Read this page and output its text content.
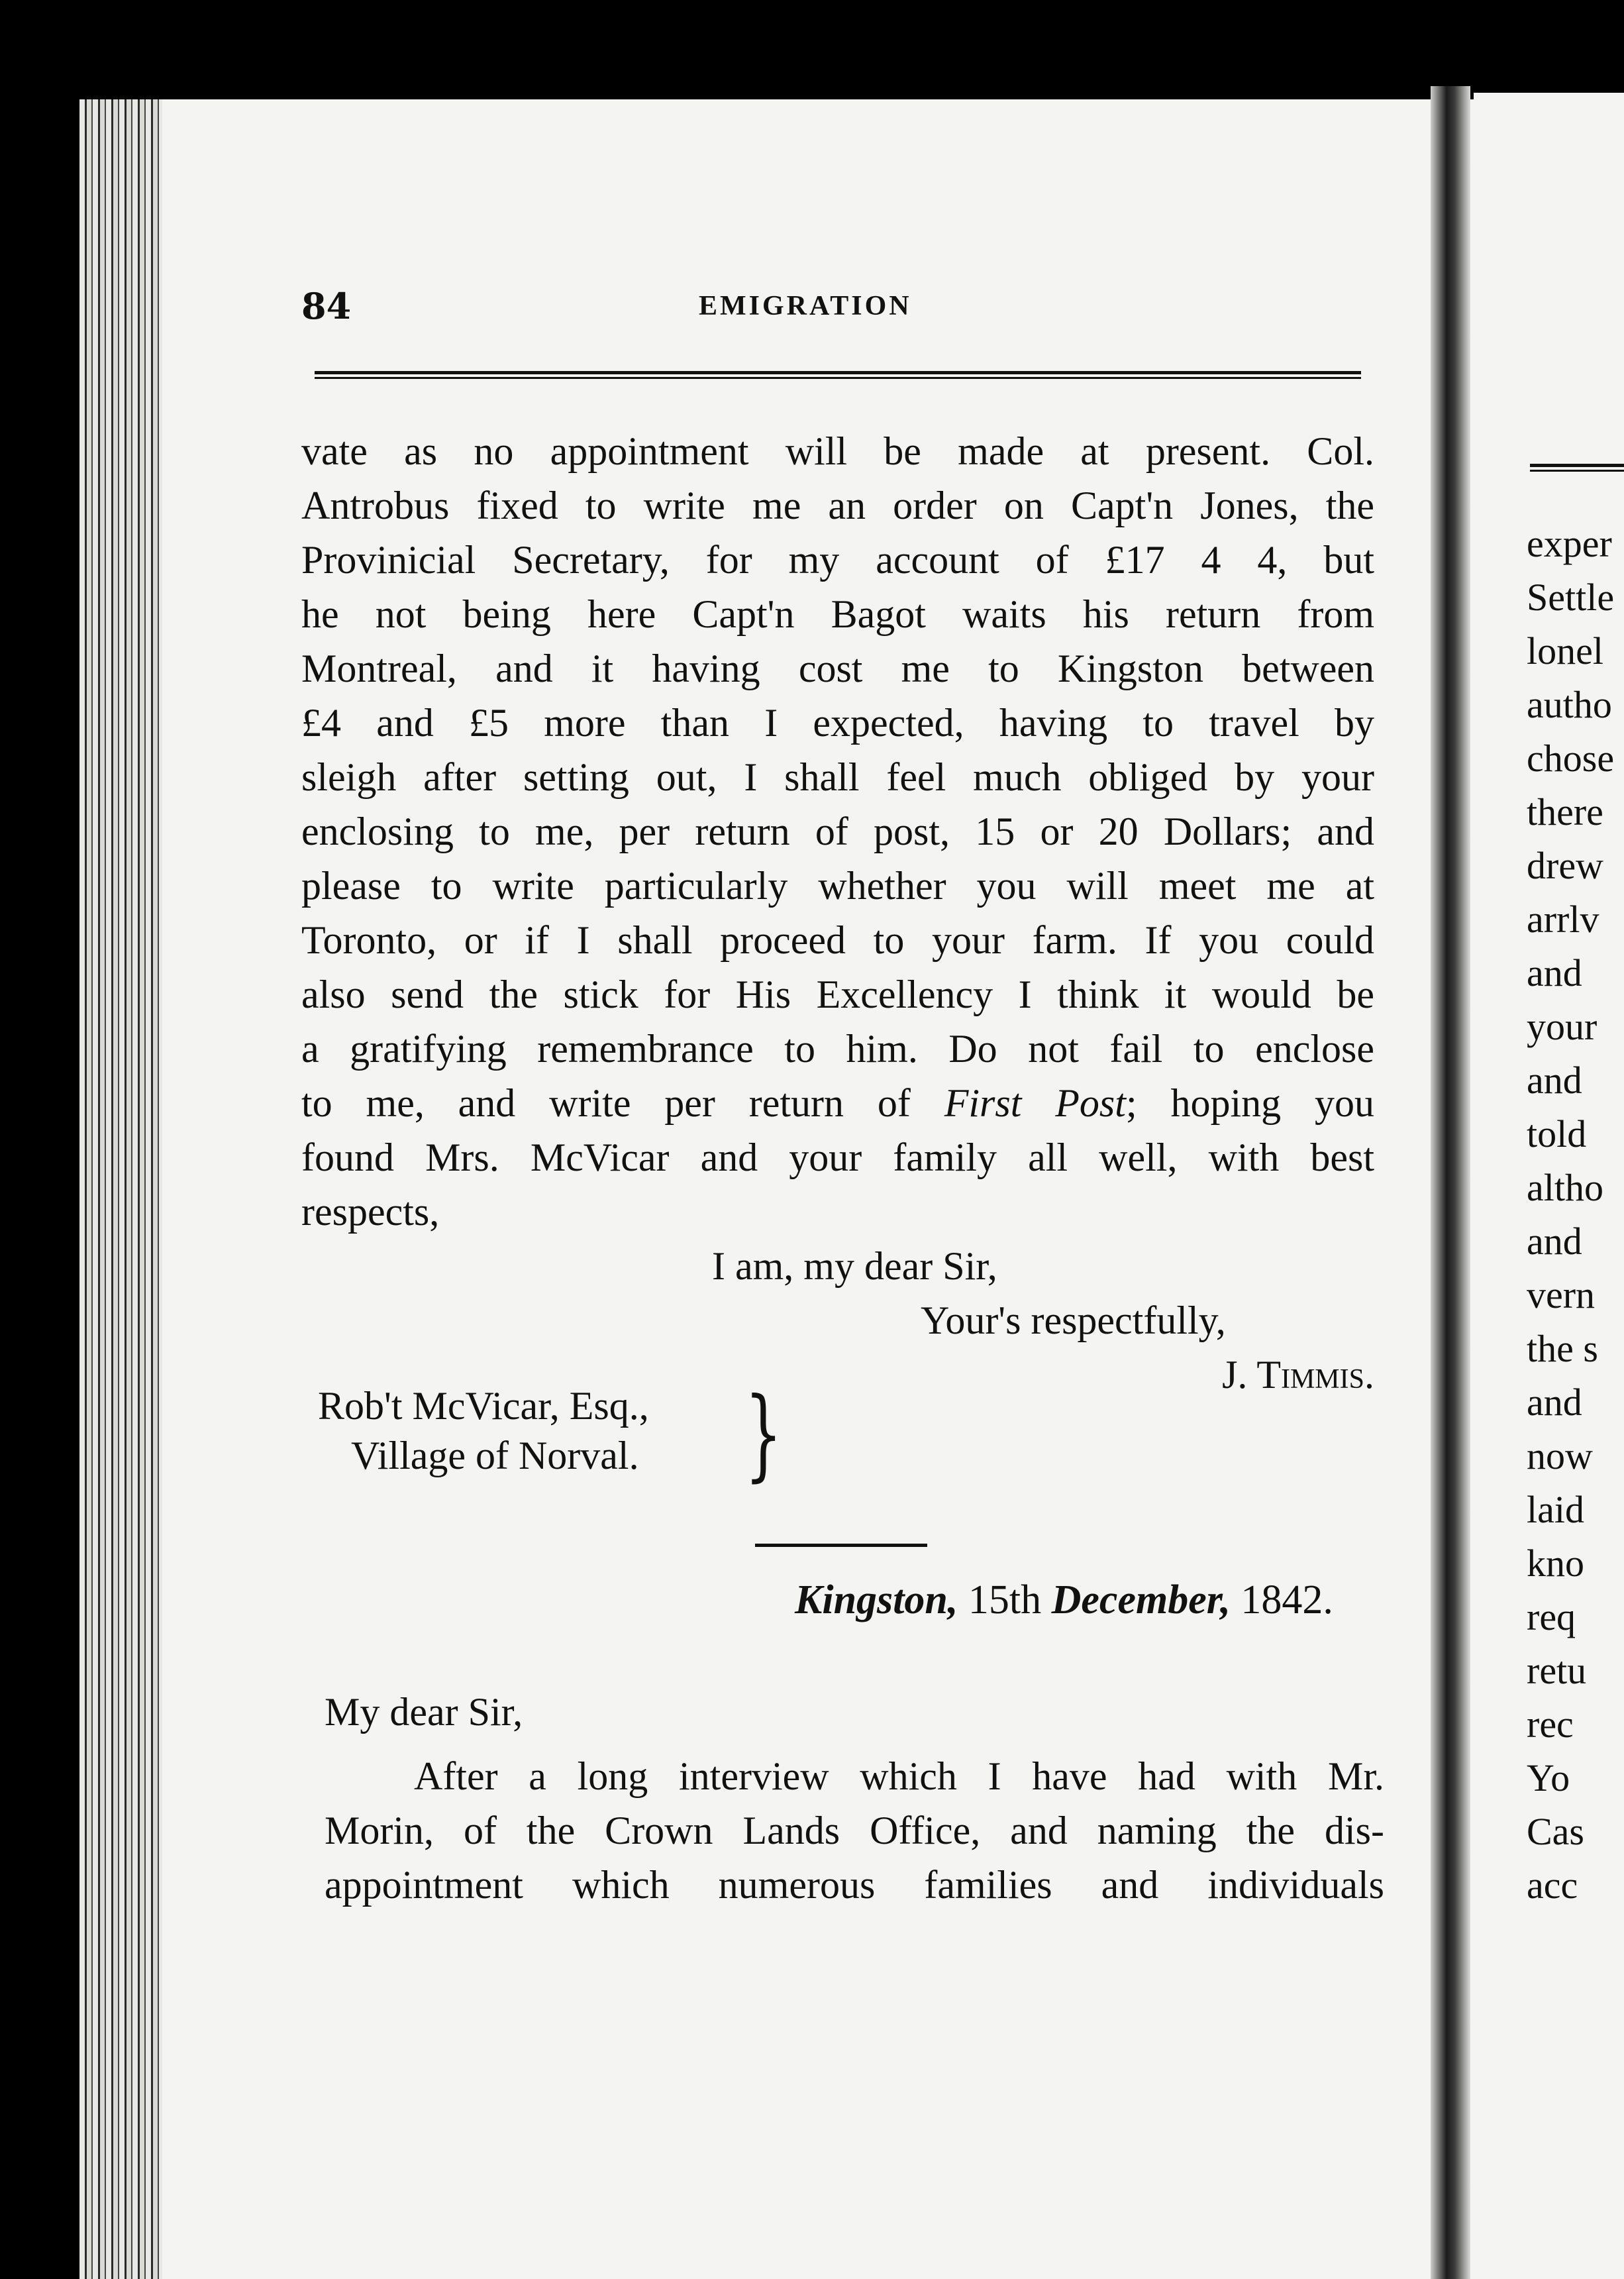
exper
Settle
lonel
autho
chose
there
drew
arrlv
and
your
and
told
altho
and
vern
the s
and
now
laid
kno
req
retu
rec
Yo
Cas
acc
84	EMIGRATION
vate as no appointment will be made at present. Col.
Antrobus fixed to write me an order on Capt'n Jones, the
Provinicial Secretary, for my account of £17 4 4, but
he not being here Capt'n Bagot waits his return from
Montreal, and it having cost me to Kingston between
£4 and £5 more than I expected, having to travel by
sleigh after setting out, I shall feel much obliged by your
enclosing to me, per return of post, 15 or 20 Dollars; and
please to write particularly whether you will meet me at
Toronto, or if I shall proceed to your farm. If you could
also send the stick for His Excellency I think it would be
a gratifying remembrance to him. Do not fail to enclose
to me, and write per return of First Post; hoping you
found Mrs. McVicar and your family all well, with best
respects,
I am, my dear Sir,
Your's respectfully,
J. Timmis.
Rob't McVicar, Esq.,
Village of Norval. }
Kingston, 15th December, 1842.
My dear Sir,
After a long interview which I have had with Mr.
Morin, of the Crown Lands Office, and naming the dis-
appointment which numerous families and individuals
